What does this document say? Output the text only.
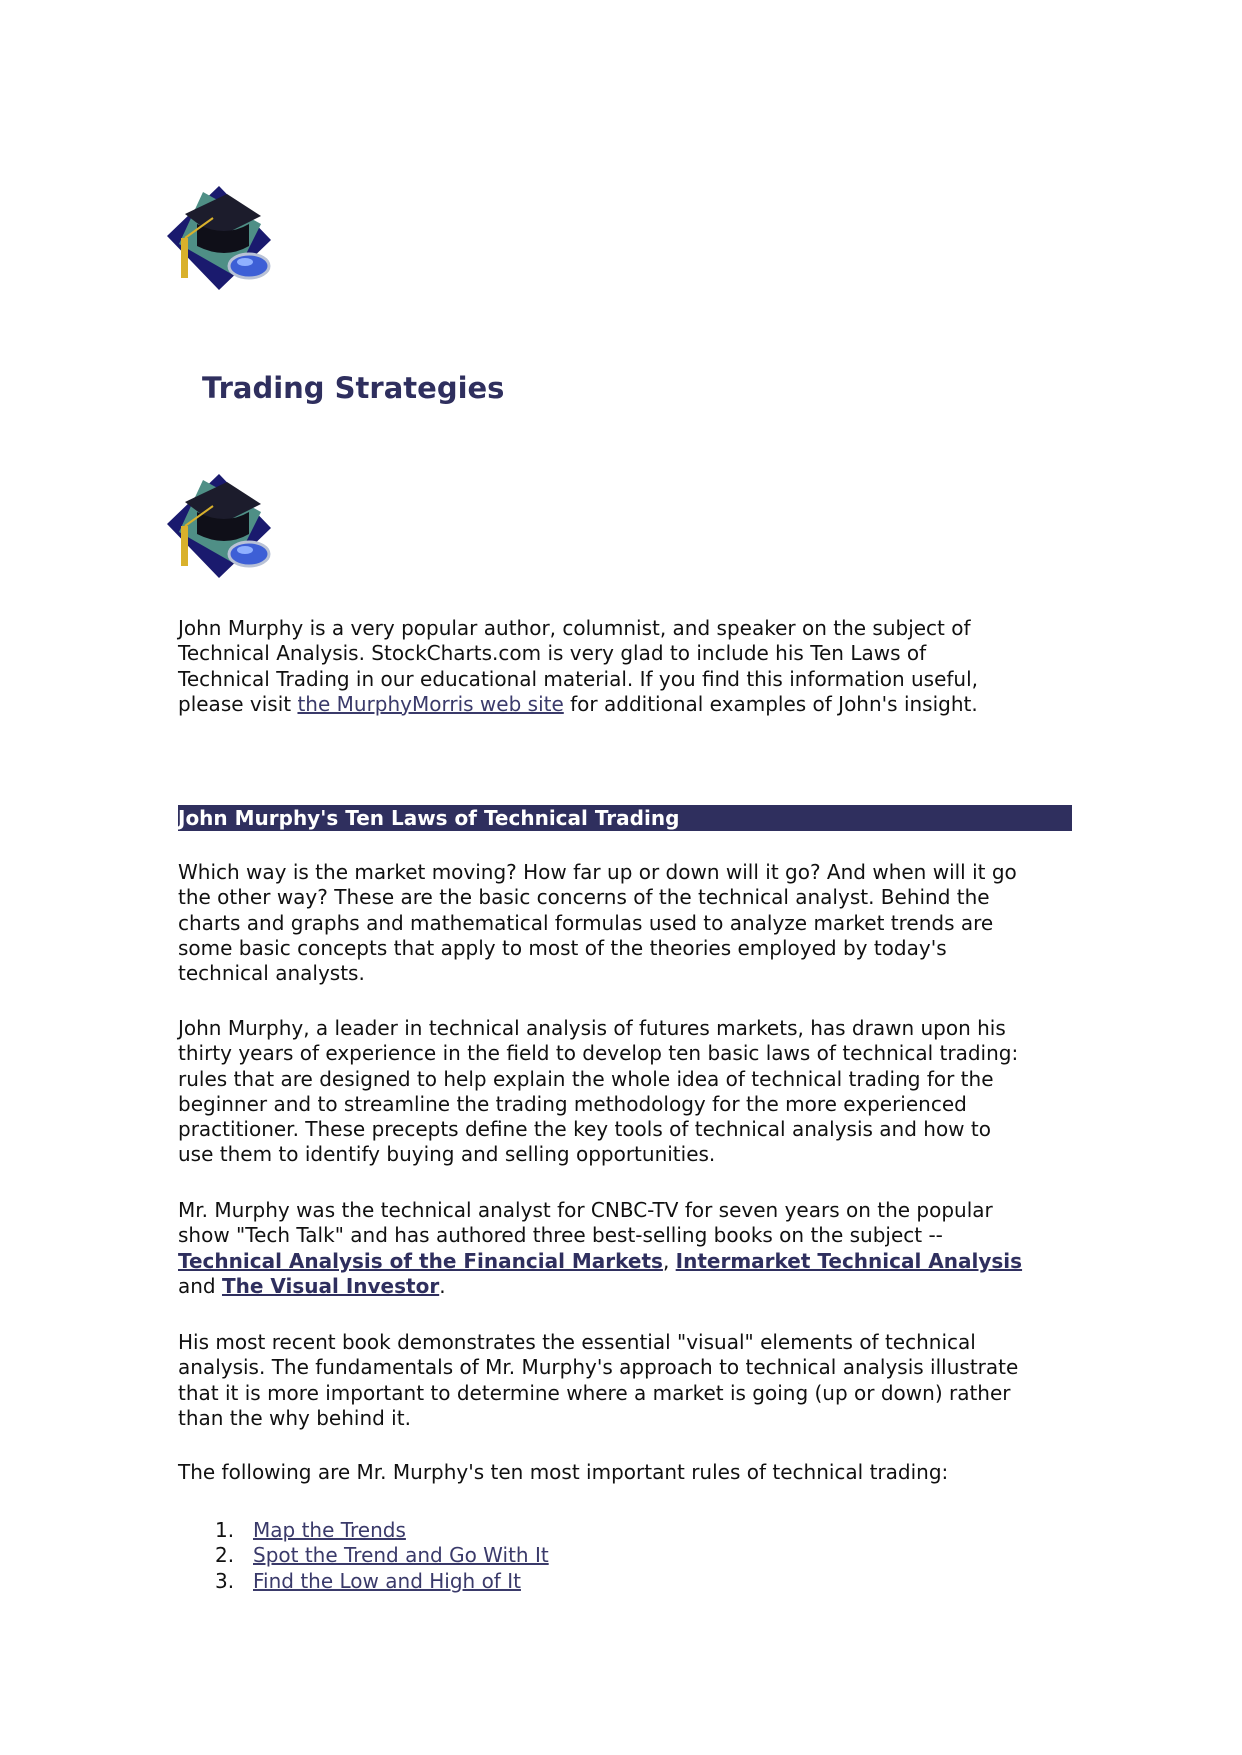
Trading Strategies
John Murphy is a very popular author, columnist, and speaker on the subject of
Technical Analysis. StockCharts.com is very glad to include his Ten Laws of
Technical Trading in our educational material. If you find this information useful,
please visit the MurphyMorris web site for additional examples of John's insight.
John Murphy's Ten Laws of Technical Trading
Which way is the market moving? How far up or down will it go? And when will it go
the other way? These are the basic concerns of the technical analyst. Behind the
charts and graphs and mathematical formulas used to analyze market trends are
some basic concepts that apply to most of the theories employed by today's
technical analysts.
John Murphy, a leader in technical analysis of futures markets, has drawn upon his
thirty years of experience in the field to develop ten basic laws of technical trading:
rules that are designed to help explain the whole idea of technical trading for the
beginner and to streamline the trading methodology for the more experienced
practitioner. These precepts define the key tools of technical analysis and how to
use them to identify buying and selling opportunities.
Mr. Murphy was the technical analyst for CNBC-TV for seven years on the popular
show "Tech Talk" and has authored three best-selling books on the subject --
Technical Analysis of the Financial Markets, Intermarket Technical Analysis
and The Visual Investor.
His most recent book demonstrates the essential "visual" elements of technical
analysis. The fundamentals of Mr. Murphy's approach to technical analysis illustrate
that it is more important to determine where a market is going (up or down) rather
than the why behind it.
The following are Mr. Murphy's ten most important rules of technical trading:
1. Map the Trends
2. Spot the Trend and Go With It
3. Find the Low and High of It
